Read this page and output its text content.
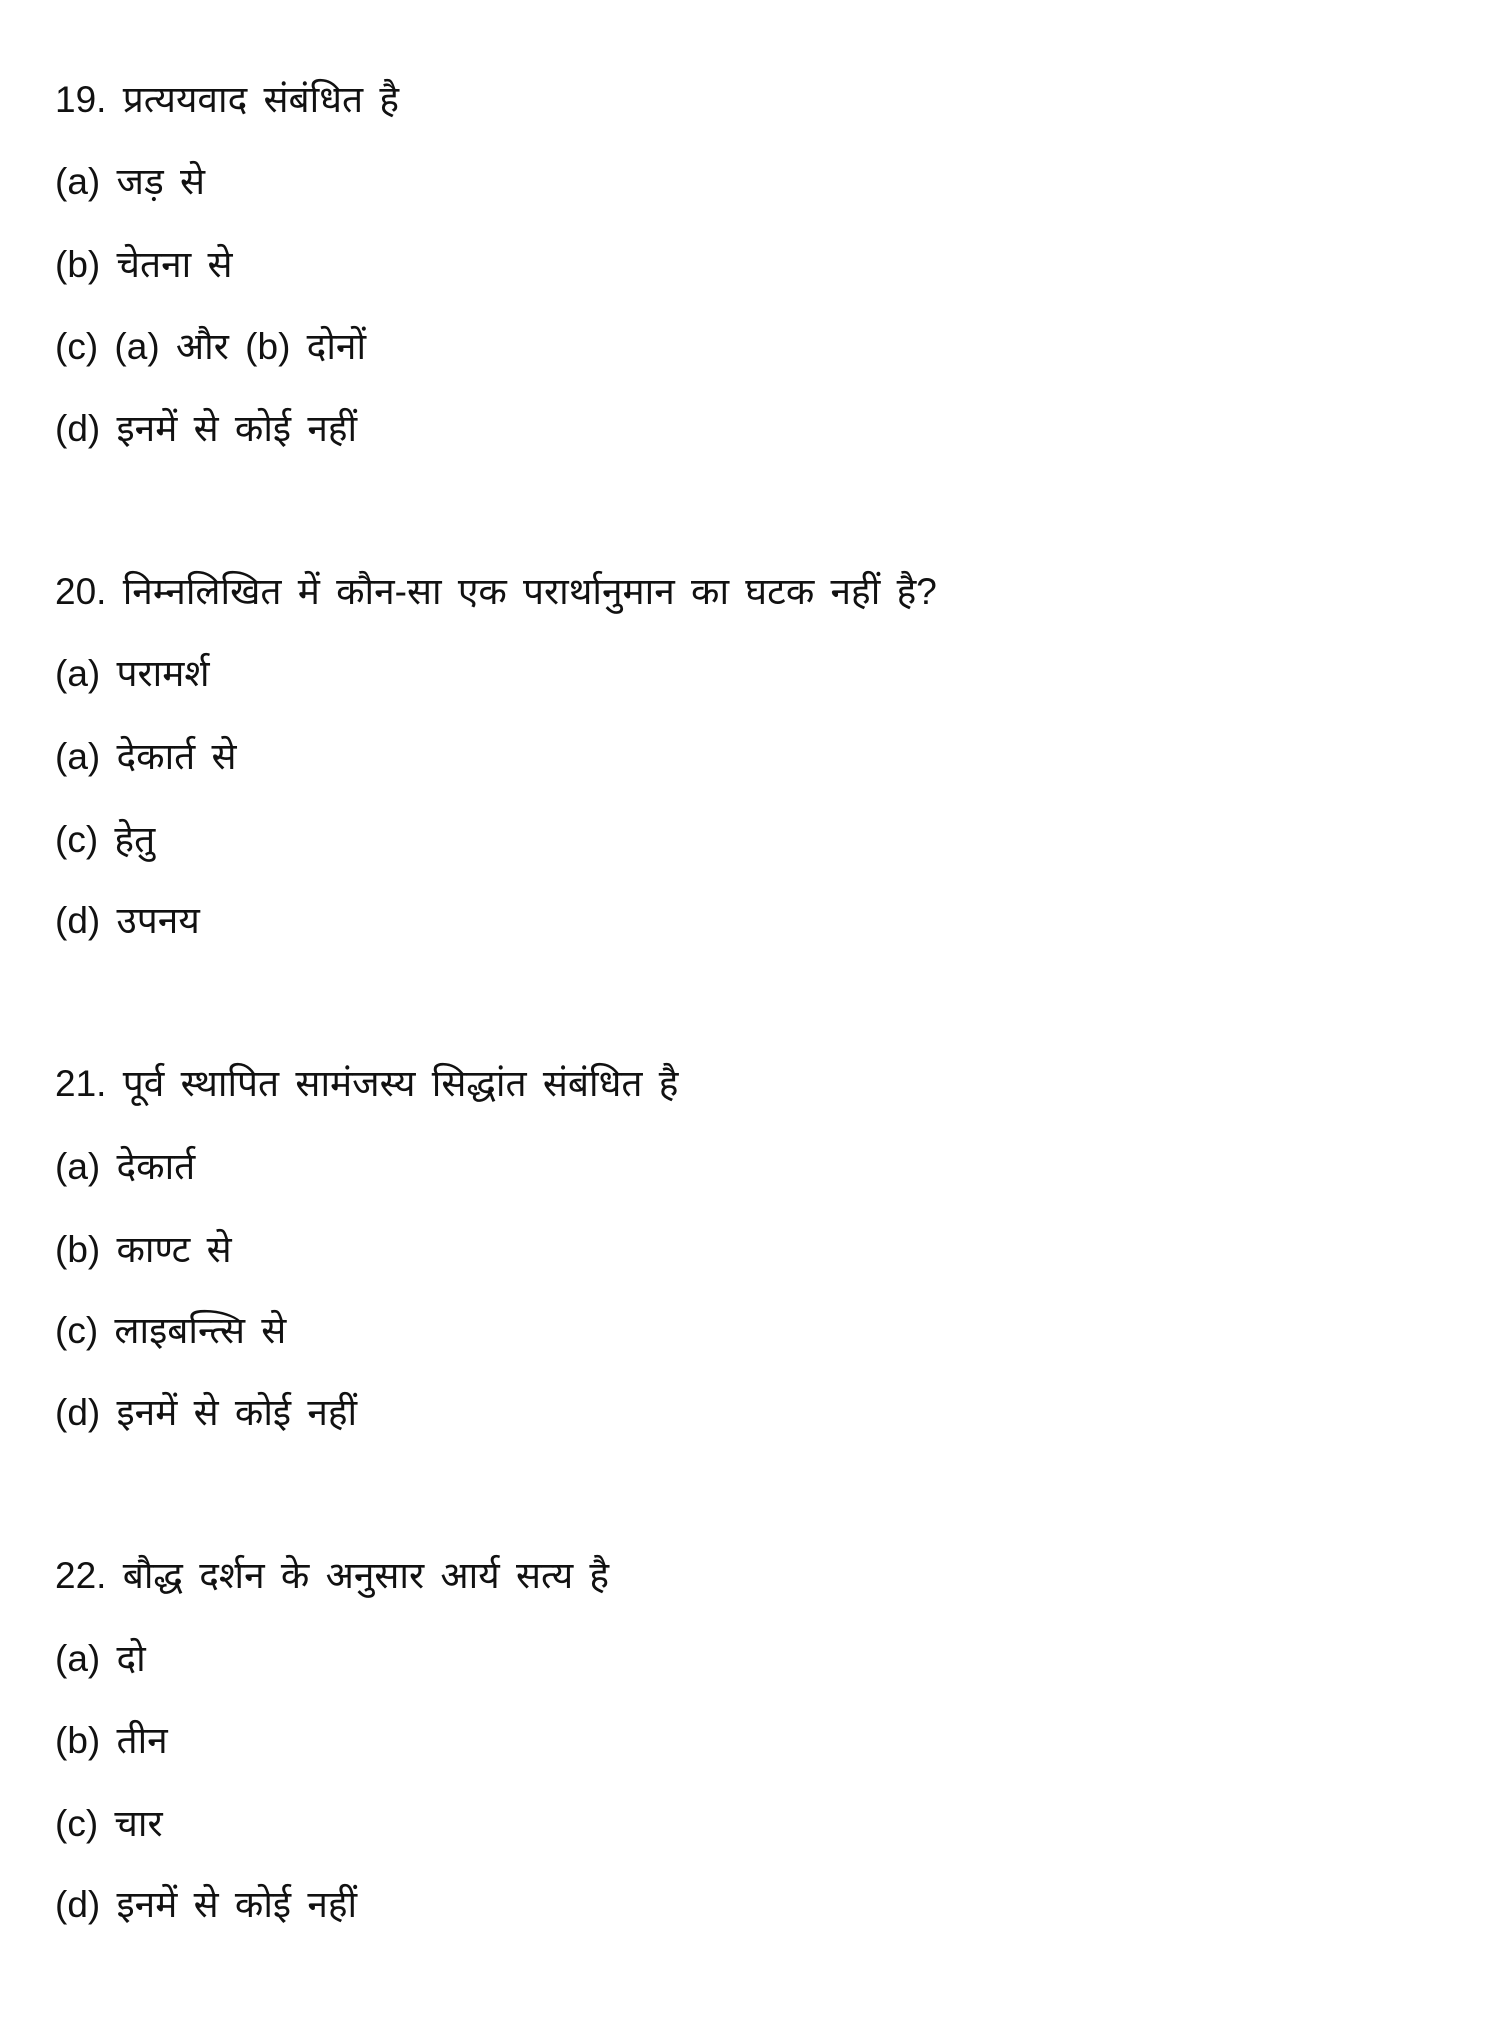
19. प्रत्ययवाद संबंधित है
(a) जड़ से
(b) चेतना से
(c) (a) और (b) दोनों
(d) इनमें से कोई नहीं
20. निम्नलिखित में कौन-सा एक परार्थानुमान का घटक नहीं है?
(a) परामर्श
(a) देकार्त से
(c) हेतु
(d) उपनय
21. पूर्व स्थापित सामंजस्य सिद्धांत संबंधित है
(a) देकार्त
(b) काण्ट से
(c) लाइबन्त्सि से
(d) इनमें से कोई नहीं
22. बौद्ध दर्शन के अनुसार आर्य सत्य है
(a) दो
(b) तीन
(c) चार
(d) इनमें से कोई नहीं
